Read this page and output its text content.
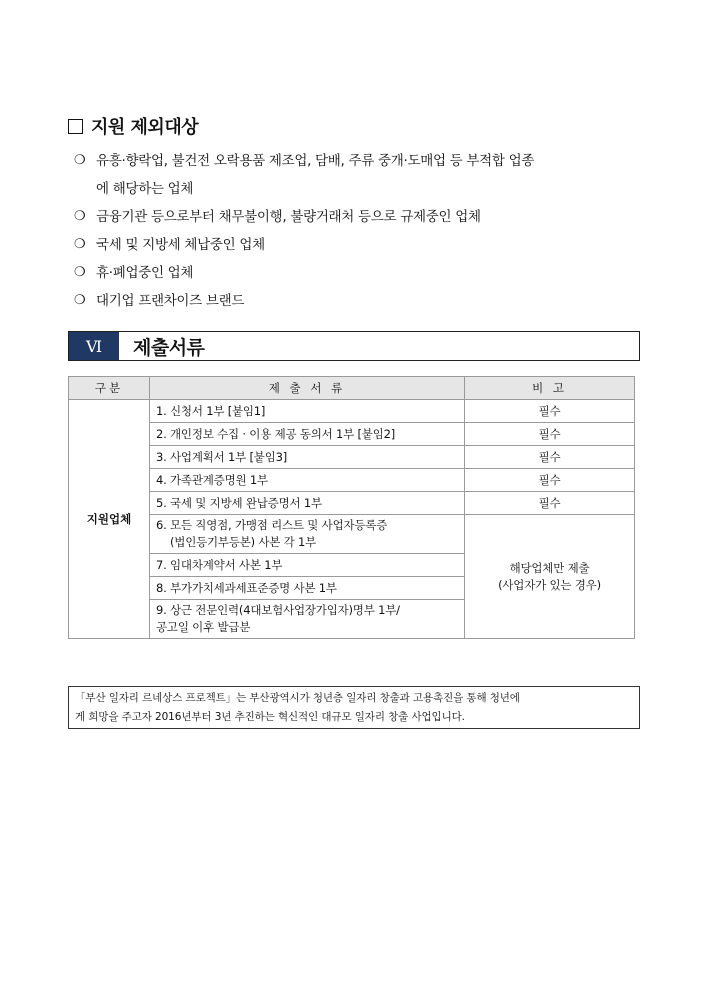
지원 제외대상
❍ 유흥·향락업, 불건전 오락용품 제조업, 담배, 주류 중개·도매업 등 부적합 업종
에 해당하는 업체
❍ 금융기관 등으로부터 채무불이행, 불량거래처 등으로 규제중인 업체
❍ 국세 및 지방세 체납중인 업체
❍ 휴·폐업중인 업체
❍ 대기업 프랜차이즈 브랜드
Ⅵ	제출서류
구분	제 출 서 류	비 고
지원업체	1. 신청서 1부 [붙임1]	필수
	2. 개인정보 수집 · 이용 제공 동의서 1부 [붙임2]	필수
	3. 사업계획서 1부 [붙임3]	필수
	4. 가족관계증명원 1부	필수
	5. 국세 및 지방세 완납증명서 1부	필수
	6. 모든 직영점, 가맹점 리스트 및 사업자등록증
(법인등기부등본) 사본 각 1부	해당업체만 제출
(사업자가 있는 경우)
	7. 임대차계약서 사본 1부	
	8. 부가가치세과세표준증명 사본 1부	
	9. 상근 전문인력(4대보험사업장가입자)명부 1부/
공고일 이후 발급분	
「부산 일자리 르네상스 프로젝트」는 부산광역시가 청년층 일자리 창출과 고용촉진을 통해 청년에
게 희망을 주고자 2016년부터 3년 추진하는 혁신적인 대규모 일자리 창출 사업입니다.
